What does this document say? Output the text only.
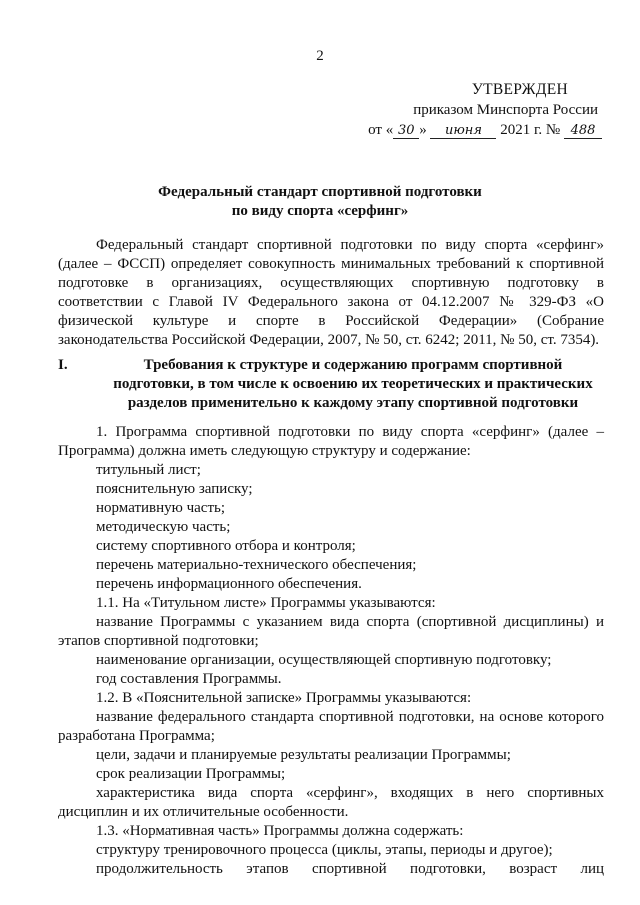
2
УТВЕРЖДЕН
приказом Минспорта России
от « 30 » июня 2021 г. № 488
Федеральный стандарт спортивной подготовки
по виду спорта «серфинг»

Федеральный стандарт спортивной подготовки по виду спорта «серфинг» (далее – ФССП) определяет совокупность минимальных требований к спортивной подготовке в организациях, осуществляющих спортивную подготовку в соответствии с Главой IV Федерального закона от 04.12.2007 № 329-ФЗ «О физической культуре и спорте в Российской Федерации» (Собрание законодательства Российской Федерации, 2007, № 50, ст. 6242; 2011, № 50, ст. 7354).

I.	Требования к структуре и содержанию программ спортивной подготовки, в том числе к освоению их теоретических и практических разделов применительно к каждому этапу спортивной подготовки

1. Программа спортивной подготовки по виду спорта «серфинг» (далее – Программа) должна иметь следующую структуру и содержание:

титульный лист;

пояснительную записку;

нормативную часть;

методическую часть;

систему спортивного отбора и контроля;

перечень материально-технического обеспечения;

перечень информационного обеспечения.

1.1. На «Титульном листе» Программы указываются:

название Программы с указанием вида спорта (спортивной дисциплины) и этапов спортивной подготовки;

наименование организации, осуществляющей спортивную подготовку;

год составления Программы.

1.2. В «Пояснительной записке» Программы указываются:

название федерального стандарта спортивной подготовки, на основе которого разработана Программа;

цели, задачи и планируемые результаты реализации Программы;

срок реализации Программы;

характеристика вида спорта «серфинг», входящих в него спортивных дисциплин и их отличительные особенности.

1.3. «Нормативная часть» Программы должна содержать:

структуру тренировочного процесса (циклы, этапы, периоды и другое);

продолжительность этапов спортивной подготовки, возраст лиц
